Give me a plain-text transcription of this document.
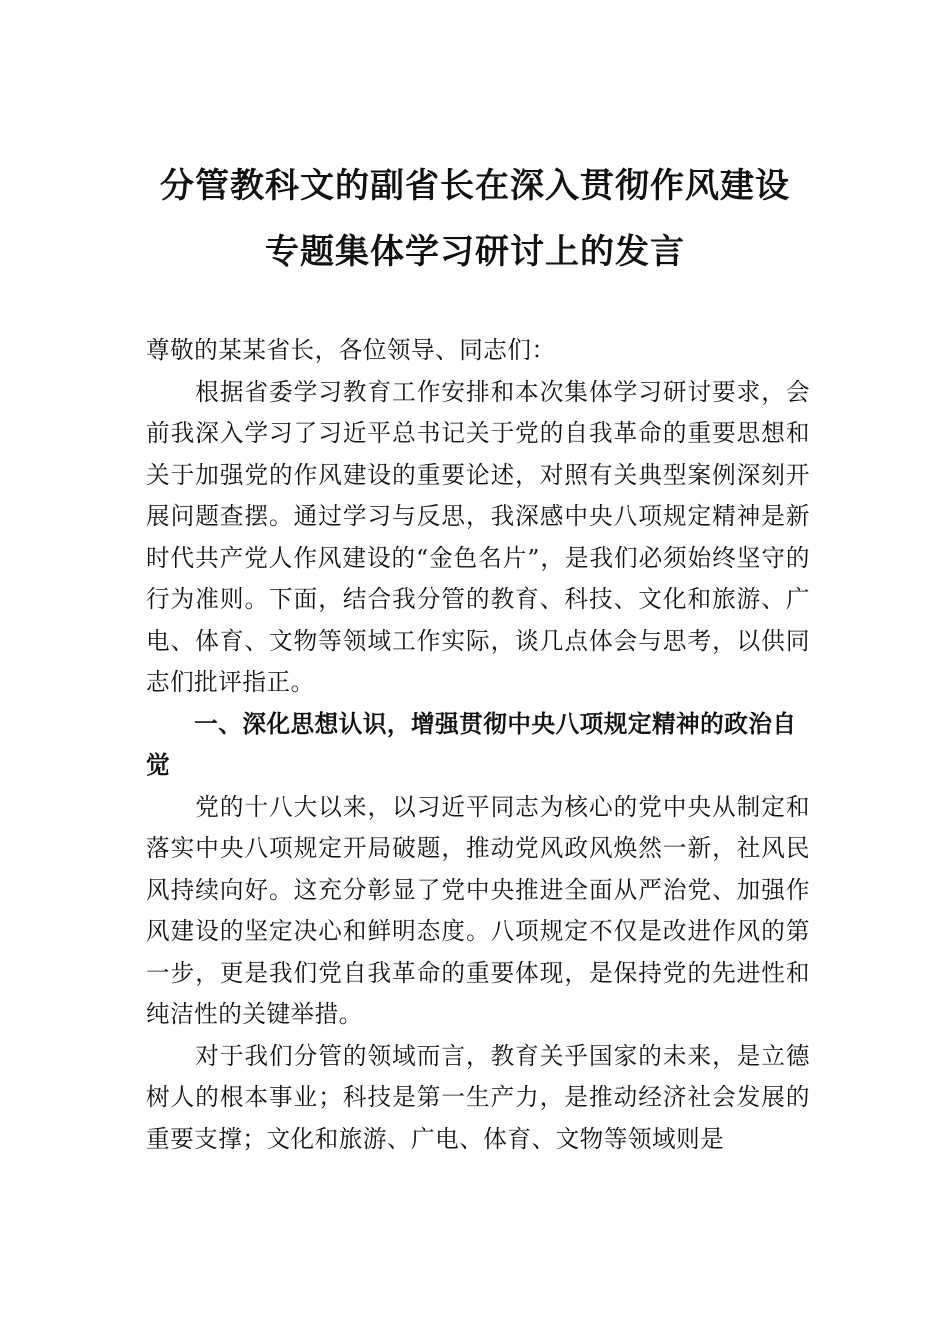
分管教科文的副省长在深入贯彻作风建设
专题集体学习研讨上的发言

尊敬的某某省长，各位领导、同志们：

　　根据省委学习教育工作安排和本次集体学习研讨要求，会前我深入学习了习近平总书记关于党的自我革命的重要思想和关于加强党的作风建设的重要论述，对照有关典型案例深刻开展问题查摆。通过学习与反思，我深感中央八项规定精神是新时代共产党人作风建设的“金色名片”，是我们必须始终坚守的行为准则。下面，结合我分管的教育、科技、文化和旅游、广电、体育、文物等领域工作实际，谈几点体会与思考，以供同志们批评指正。

　　一、深化思想认识，增强贯彻中央八项规定精神的政治自觉

　　党的十八大以来，以习近平同志为核心的党中央从制定和落实中央八项规定开局破题，推动党风政风焕然一新，社风民风持续向好。这充分彰显了党中央推进全面从严治党、加强作风建设的坚定决心和鲜明态度。八项规定不仅是改进作风的第一步，更是我们党自我革命的重要体现，是保持党的先进性和纯洁性的关键举措。

　　对于我们分管的领域而言，教育关乎国家的未来，是立德树人的根本事业；科技是第一生产力，是推动经济社会发展的重要支撑；文化和旅游、广电、体育、文物等领域则是
